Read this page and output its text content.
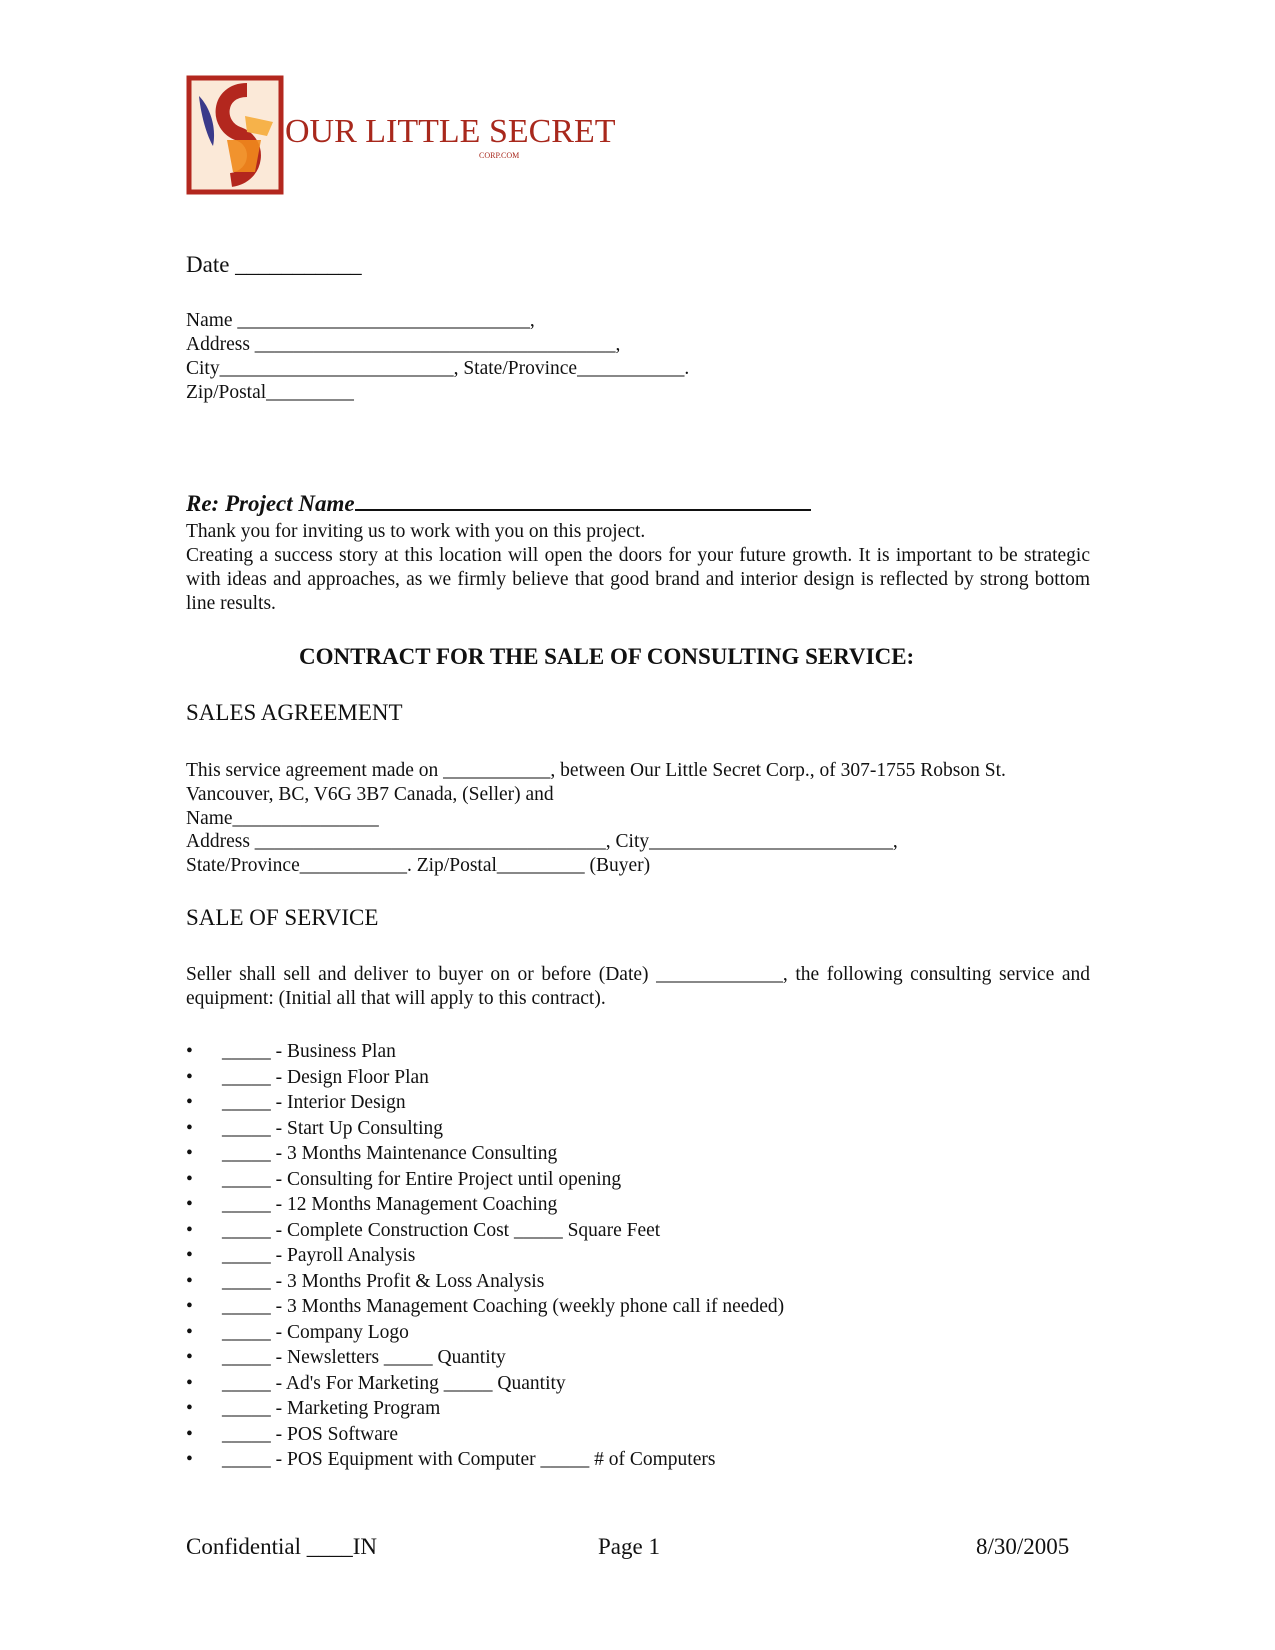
OUR LITTLE SECRET
CORP.COM
Date ___________
Name ______________________________,
Address _____________________________________,
City________________________, State/Province___________.
Zip/Postal_________
Re: Project Name
Thank you for inviting us to work with you on this project.
Creating a success story at this location will open the doors for your future growth. It is important to be strategic with ideas and approaches, as we firmly believe that good brand and interior design is reflected by strong bottom line results.
CONTRACT FOR THE SALE OF CONSULTING SERVICE:
SALES AGREEMENT
This service agreement made on ___________, between Our Little Secret Corp., of 307-1755 Robson St.
Vancouver, BC, V6G 3B7 Canada, (Seller) and
Name_______________
Address ____________________________________, City_________________________,
State/Province___________. Zip/Postal_________ (Buyer)
SALE OF SERVICE
Seller shall sell and deliver to buyer on or before (Date) _____________, the following consulting service and equipment: (Initial all that will apply to this contract).
• _____ - Business Plan
• _____ - Design Floor Plan
• _____ - Interior Design
• _____ - Start Up Consulting
• _____ - 3 Months Maintenance Consulting
• _____ - Consulting for Entire Project until opening
• _____ - 12 Months Management Coaching
• _____ - Complete Construction Cost _____ Square Feet
• _____ - Payroll Analysis
• _____ - 3 Months Profit & Loss Analysis
• _____ - 3 Months Management Coaching (weekly phone call if needed)
• _____ - Company Logo
• _____ - Newsletters _____ Quantity
• _____ - Ad's For Marketing _____ Quantity
• _____ - Marketing Program
• _____ - POS Software
• _____ - POS Equipment with Computer _____ # of Computers
Confidential ____IN	Page 1	8/30/2005
